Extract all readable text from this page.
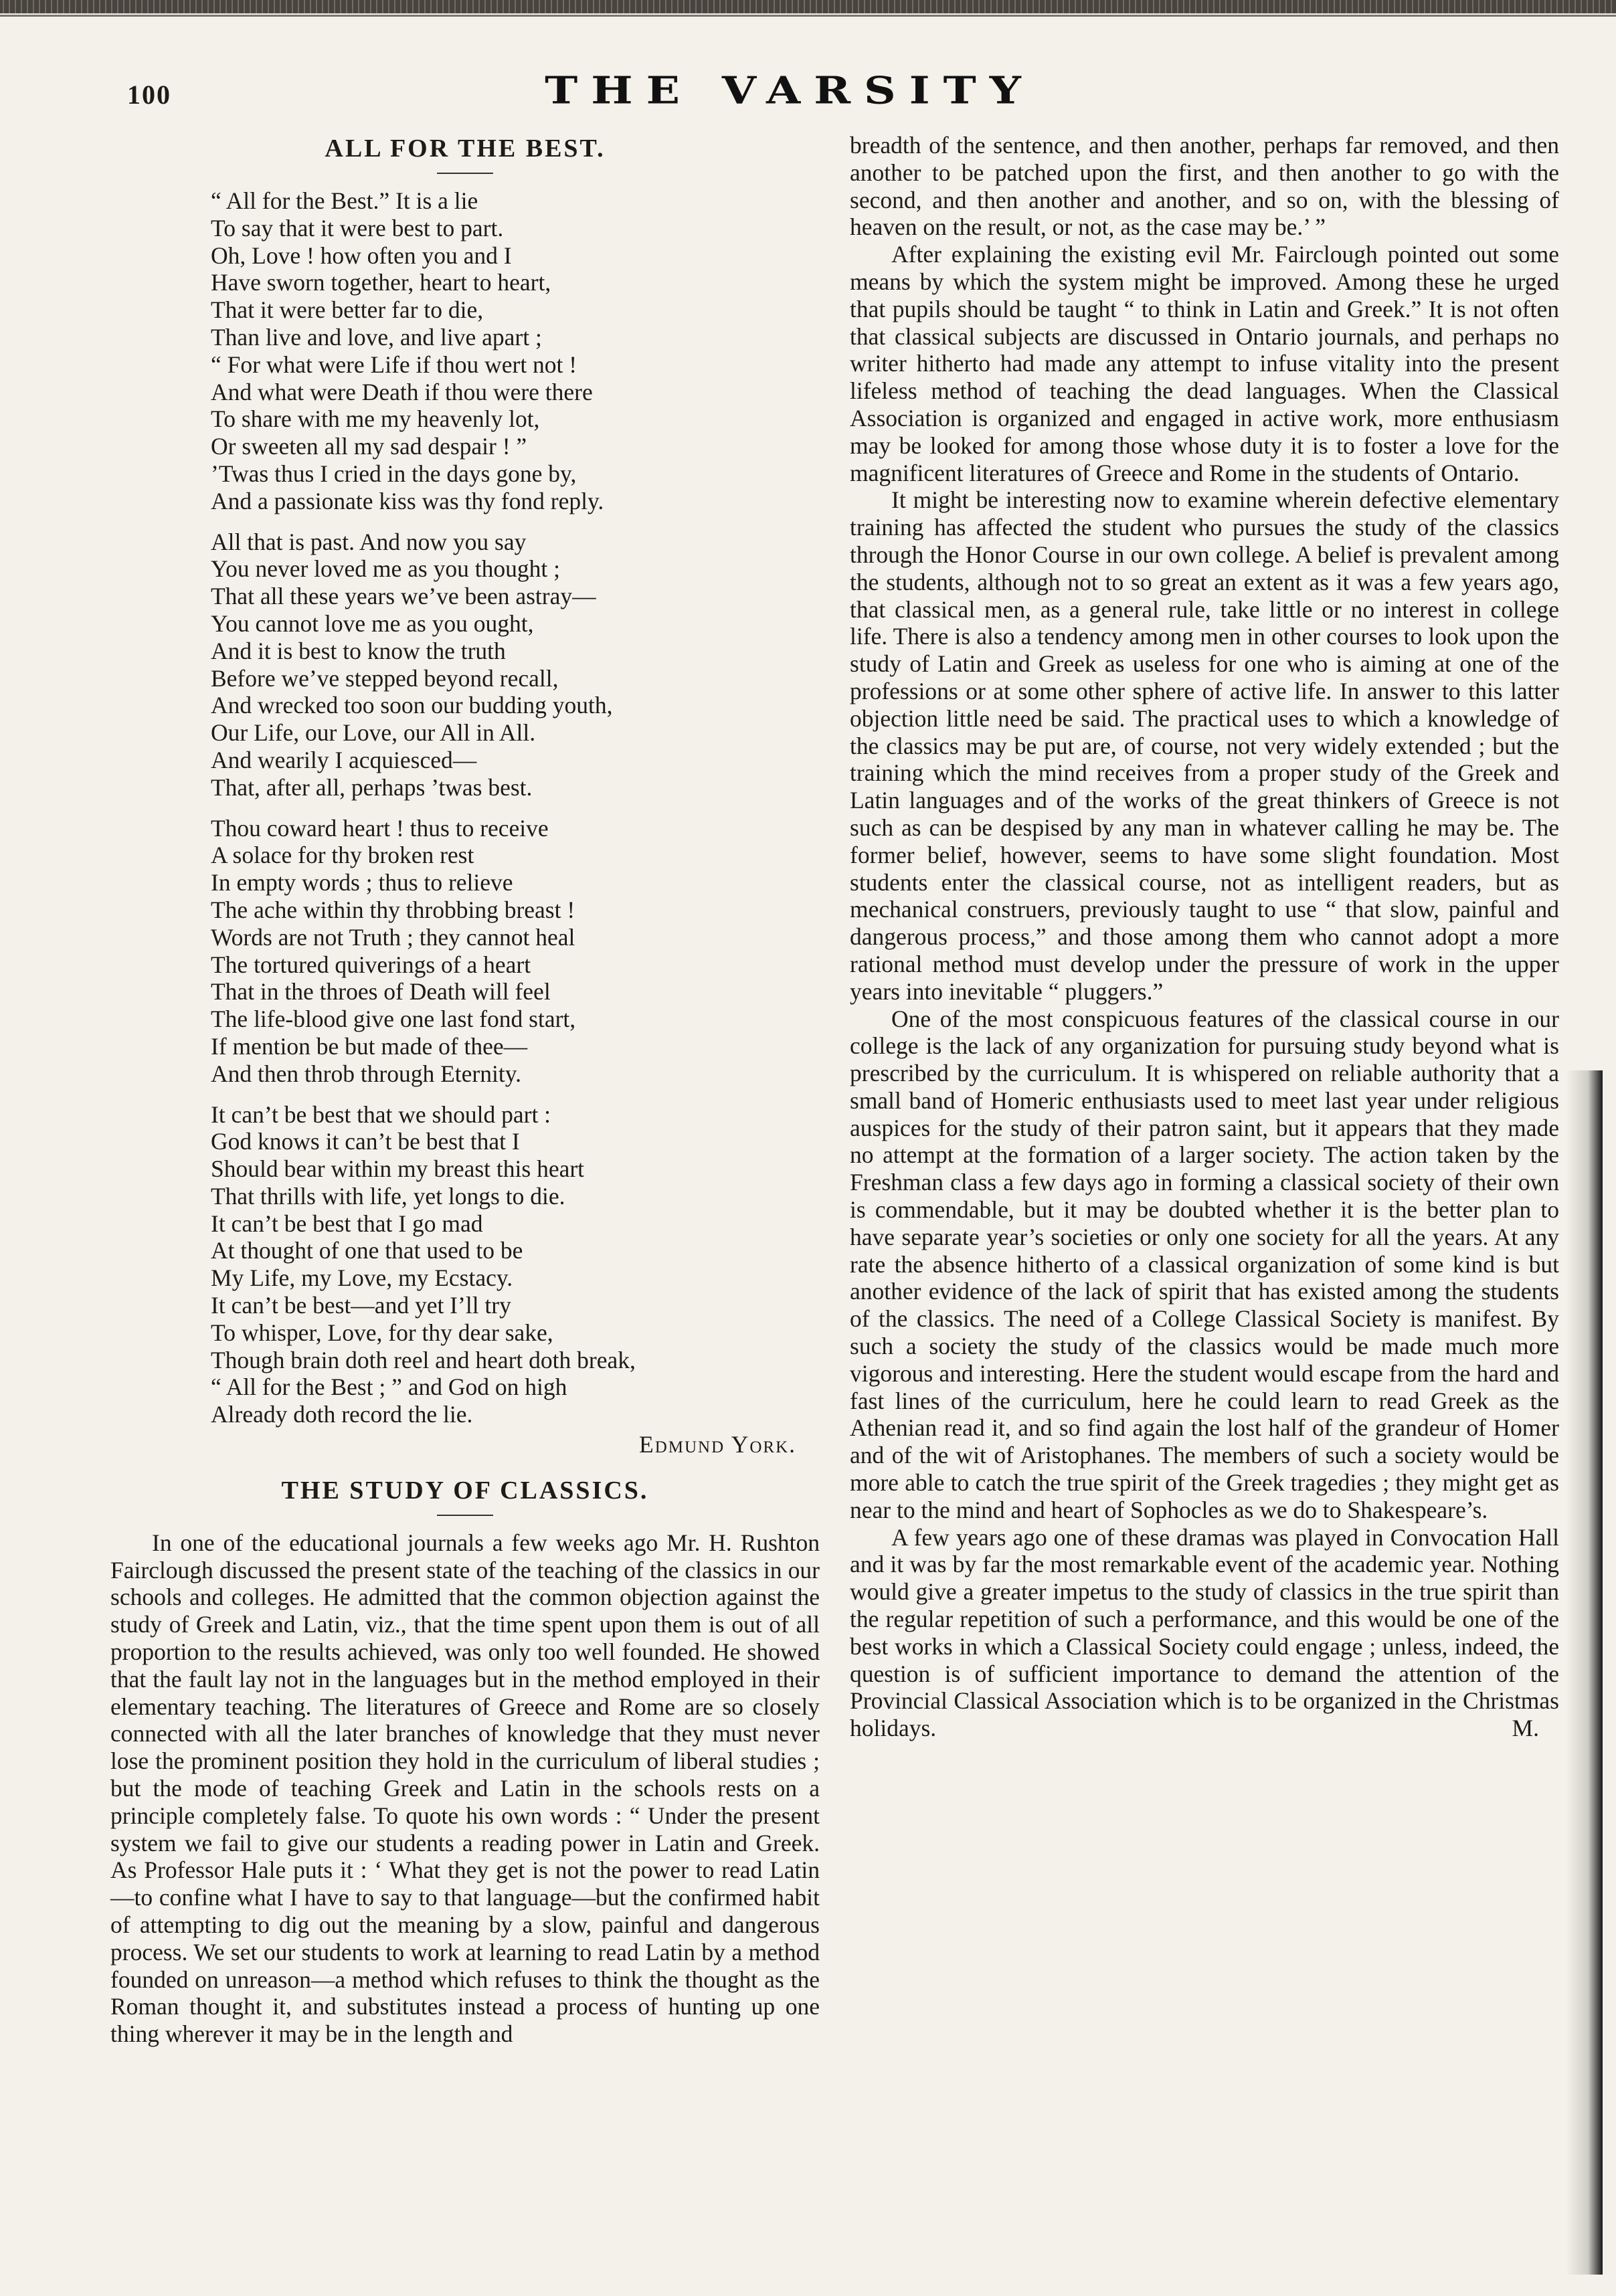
100	THE VARSITY
ALL FOR THE BEST.
“ All for the Best.” It is a lie
To say that it were best to part.
Oh, Love ! how often you and I
Have sworn together, heart to heart,
That it were better far to die,
Than live and love, and live apart ;
“ For what were Life if thou wert not !
And what were Death if thou were there
To share with me my heavenly lot,
Or sweeten all my sad despair ! ”
’Twas thus I cried in the days gone by,
And a passionate kiss was thy fond reply.
All that is past. And now you say
You never loved me as you thought ;
That all these years we’ve been astray—
You cannot love me as you ought,
And it is best to know the truth
Before we’ve stepped beyond recall,
And wrecked too soon our budding youth,
Our Life, our Love, our All in All.
And wearily I acquiesced—
That, after all, perhaps ’twas best.
Thou coward heart ! thus to receive
A solace for thy broken rest
In empty words ; thus to relieve
The ache within thy throbbing breast !
Words are not Truth ; they cannot heal
The tortured quiverings of a heart
That in the throes of Death will feel
The life-blood give one last fond start,
If mention be but made of thee—
And then throb through Eternity.
It can’t be best that we should part :
God knows it can’t be best that I
Should bear within my breast this heart
That thrills with life, yet longs to die.
It can’t be best that I go mad
At thought of one that used to be
My Life, my Love, my Ecstacy.
It can’t be best—and yet I’ll try
To whisper, Love, for thy dear sake,
Though brain doth reel and heart doth break,
“ All for the Best ; ” and God on high
Already doth record the lie.
Edmund York.
THE STUDY OF CLASSICS.

In one of the educational journals a few weeks ago Mr. H. Rushton Fairclough discussed the present state of the teaching of the classics in our schools and colleges. He admitted that the common objection against the study of Greek and Latin, viz., that the time spent upon them is out of all proportion to the results achieved, was only too well founded. He showed that the fault lay not in the languages but in the method employed in their elementary teaching. The literatures of Greece and Rome are so closely connected with all the later branches of knowledge that they must never lose the prominent position they hold in the curriculum of liberal studies ; but the mode of teaching Greek and Latin in the schools rests on a principle completely false. To quote his own words : “ Under the present system we fail to give our students a reading power in Latin and Greek. As Professor Hale puts it : ‘ What they get is not the power to read Latin—to confine what I have to say to that language—but the confirmed habit of attempting to dig out the meaning by a slow, painful and dangerous process. We set our students to work at learning to read Latin by a method founded on unreason—a method which refuses to think the thought as the Roman thought it, and substitutes instead a process of hunting up one thing wherever it may be in the length and

breadth of the sentence, and then another, perhaps far removed, and then another to be patched upon the first, and then another to go with the second, and then another and another, and so on, with the blessing of heaven on the result, or not, as the case may be.’ ”

After explaining the existing evil Mr. Fairclough pointed out some means by which the system might be improved. Among these he urged that pupils should be taught “ to think in Latin and Greek.” It is not often that classical subjects are discussed in Ontario journals, and perhaps no writer hitherto had made any attempt to infuse vitality into the present lifeless method of teaching the dead languages. When the Classical Association is organized and engaged in active work, more enthusiasm may be looked for among those whose duty it is to foster a love for the magnificent literatures of Greece and Rome in the students of Ontario.

It might be interesting now to examine wherein defective elementary training has affected the student who pursues the study of the classics through the Honor Course in our own college. A belief is prevalent among the students, although not to so great an extent as it was a few years ago, that classical men, as a general rule, take little or no interest in college life. There is also a tendency among men in other courses to look upon the study of Latin and Greek as useless for one who is aiming at one of the professions or at some other sphere of active life. In answer to this latter objection little need be said. The practical uses to which a knowledge of the classics may be put are, of course, not very widely extended ; but the training which the mind receives from a proper study of the Greek and Latin languages and of the works of the great thinkers of Greece is not such as can be despised by any man in whatever calling he may be. The former belief, however, seems to have some slight foundation. Most students enter the classical course, not as intelligent readers, but as mechanical construers, previously taught to use “ that slow, painful and dangerous process,” and those among them who cannot adopt a more rational method must develop under the pressure of work in the upper years into inevitable “ pluggers.”

One of the most conspicuous features of the classical course in our college is the lack of any organization for pursuing study beyond what is prescribed by the curriculum. It is whispered on reliable authority that a small band of Homeric enthusiasts used to meet last year under religious auspices for the study of their patron saint, but it appears that they made no attempt at the formation of a larger society. The action taken by the Freshman class a few days ago in forming a classical society of their own is commendable, but it may be doubted whether it is the better plan to have separate year’s societies or only one society for all the years. At any rate the absence hitherto of a classical organization of some kind is but another evidence of the lack of spirit that has existed among the students of the classics. The need of a College Classical Society is manifest. By such a society the study of the classics would be made much more vigorous and interesting. Here the student would escape from the hard and fast lines of the curriculum, here he could learn to read Greek as the Athenian read it, and so find again the lost half of the grandeur of Homer and of the wit of Aristophanes. The members of such a society would be more able to catch the true spirit of the Greek tragedies ; they might get as near to the mind and heart of Sophocles as we do to Shakespeare’s.

A few years ago one of these dramas was played in Convocation Hall and it was by far the most remarkable event of the academic year. Nothing would give a greater impetus to the study of classics in the true spirit than the regular repetition of such a performance, and this would be one of the best works in which a Classical Society could engage ; unless, indeed, the question is of sufficient importance to demand the attention of the Provincial Classical Association which is to be organized in the Christmas holidays.	M.
